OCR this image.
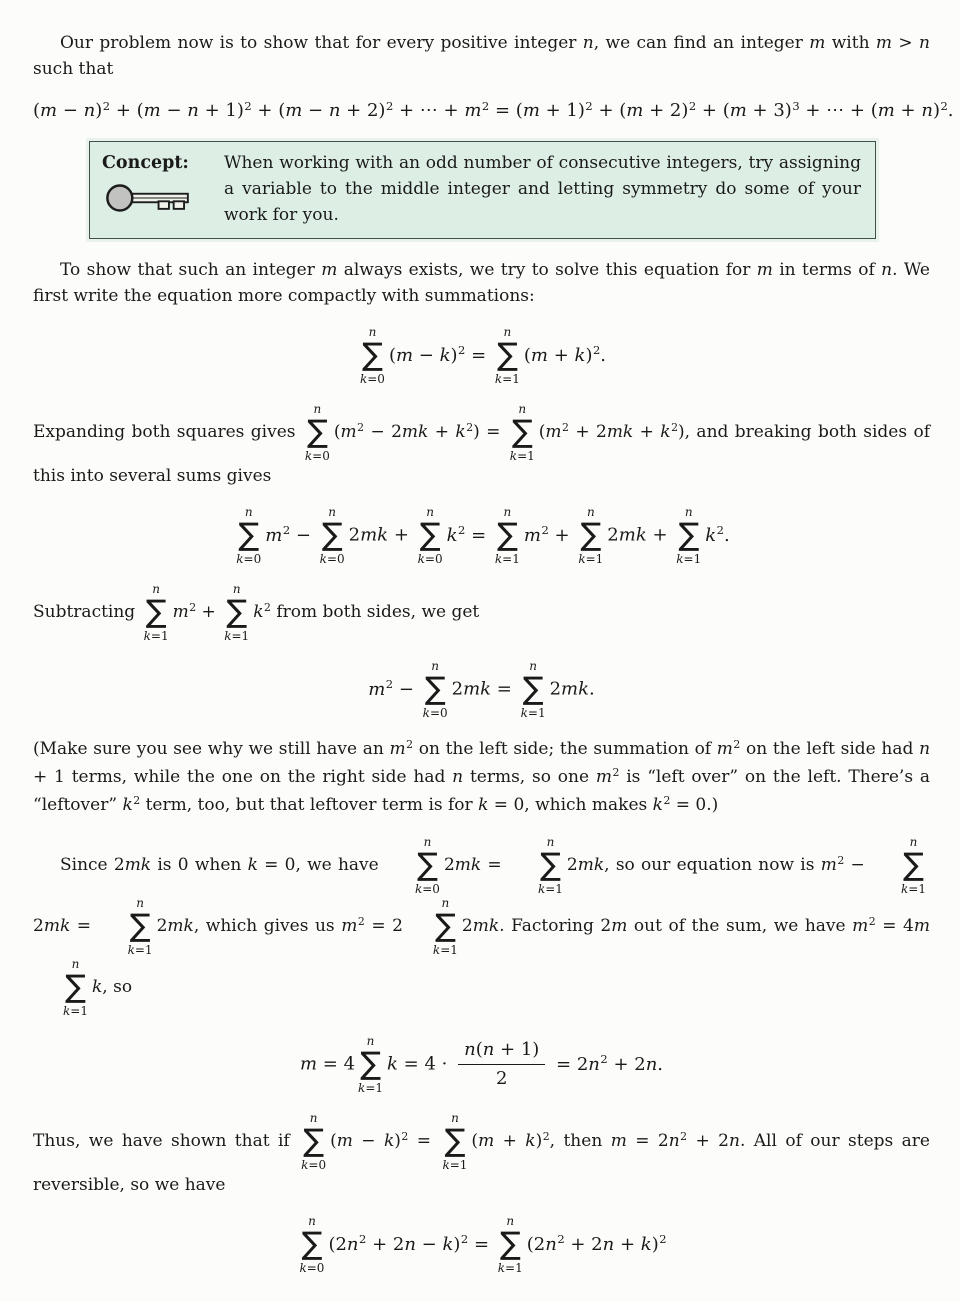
Our problem now is to show that for every positive integer n, we can find an integer m with m > n such that

$(m - n)^2 + (m - n + 1)^2 + (m - n + 2)^2$ + ⋯ + $m^2 = (m + 1)^2 + (m + 2)^2 + (m + 3)^3$ + ⋯ + $(m + n)^2$.
Concept: When working with an odd number of consecutive integers, try assigning a variable to the middle integer and letting symmetry do some of your work for you.

To show that such an integer m always exists, we try to solve this equation for m in terms of n. We first write the equation more compactly with summations:

n
∑
k=0
$(m - k)^2$ =
n
∑
k=1
$(m + k)^2$.

Expanding both squares gives
n
∑
k=0
$(m^2 - 2mk + k^2)$ =
n
∑
k=1
$(m^2 + 2mk + k^2)$, and breaking both sides of this into several sums gives

n
∑
k=0
$m^2$ −
n
∑
k=0
2mk +
n
∑
k=0
$k^2$ =
n
∑
k=1
$m^2$ +
n
∑
k=1
2mk +
n
∑
k=1
$k^2$.

Subtracting
n
∑
k=1
$m^2$ +
n
∑
k=1
$k^2$ from both sides, we get

$m^2$ −
n
∑
k=0
2mk =
n
∑
k=1
2mk.

(Make sure you see why we still have an $m^2$ on the left side; the summation of $m^2$ on the left side had n + 1 terms, while the one on the right side had n terms, so one $m^2$ is “left over” on the left. There’s a “leftover” $k^2$ term, too, but that leftover term is for k = 0, which makes $k^2 = 0$.)

Since 2mk is 0 when k = 0, we have
n
∑
k=0
2mk =
n
∑
k=1
2mk, so our equation now is $m^2$ −
n
∑
k=1
2mk =
n
∑
k=1
2mk, which gives us $m^2 = 2$
n
∑
k=1
2mk. Factoring 2m out of the sum, we have $m^2 = 4m$
n
∑
k=1
k, so

m = 4
n
∑
k=1
$k = 4 \cdot \frac{n(n + 1)}{2} = 2n^2 + 2n$.

Thus, we have shown that if
n
∑
k=0
$(m - k)^2$ =
n
∑
k=1
$(m + k)^2$, then $m = 2n^2 + 2n$. All of our steps are reversible, so we have

n
∑
k=0
$(2n^2 + 2n - k)^2$ =
n
∑
k=1
$(2n^2 + 2n + k)^2$
